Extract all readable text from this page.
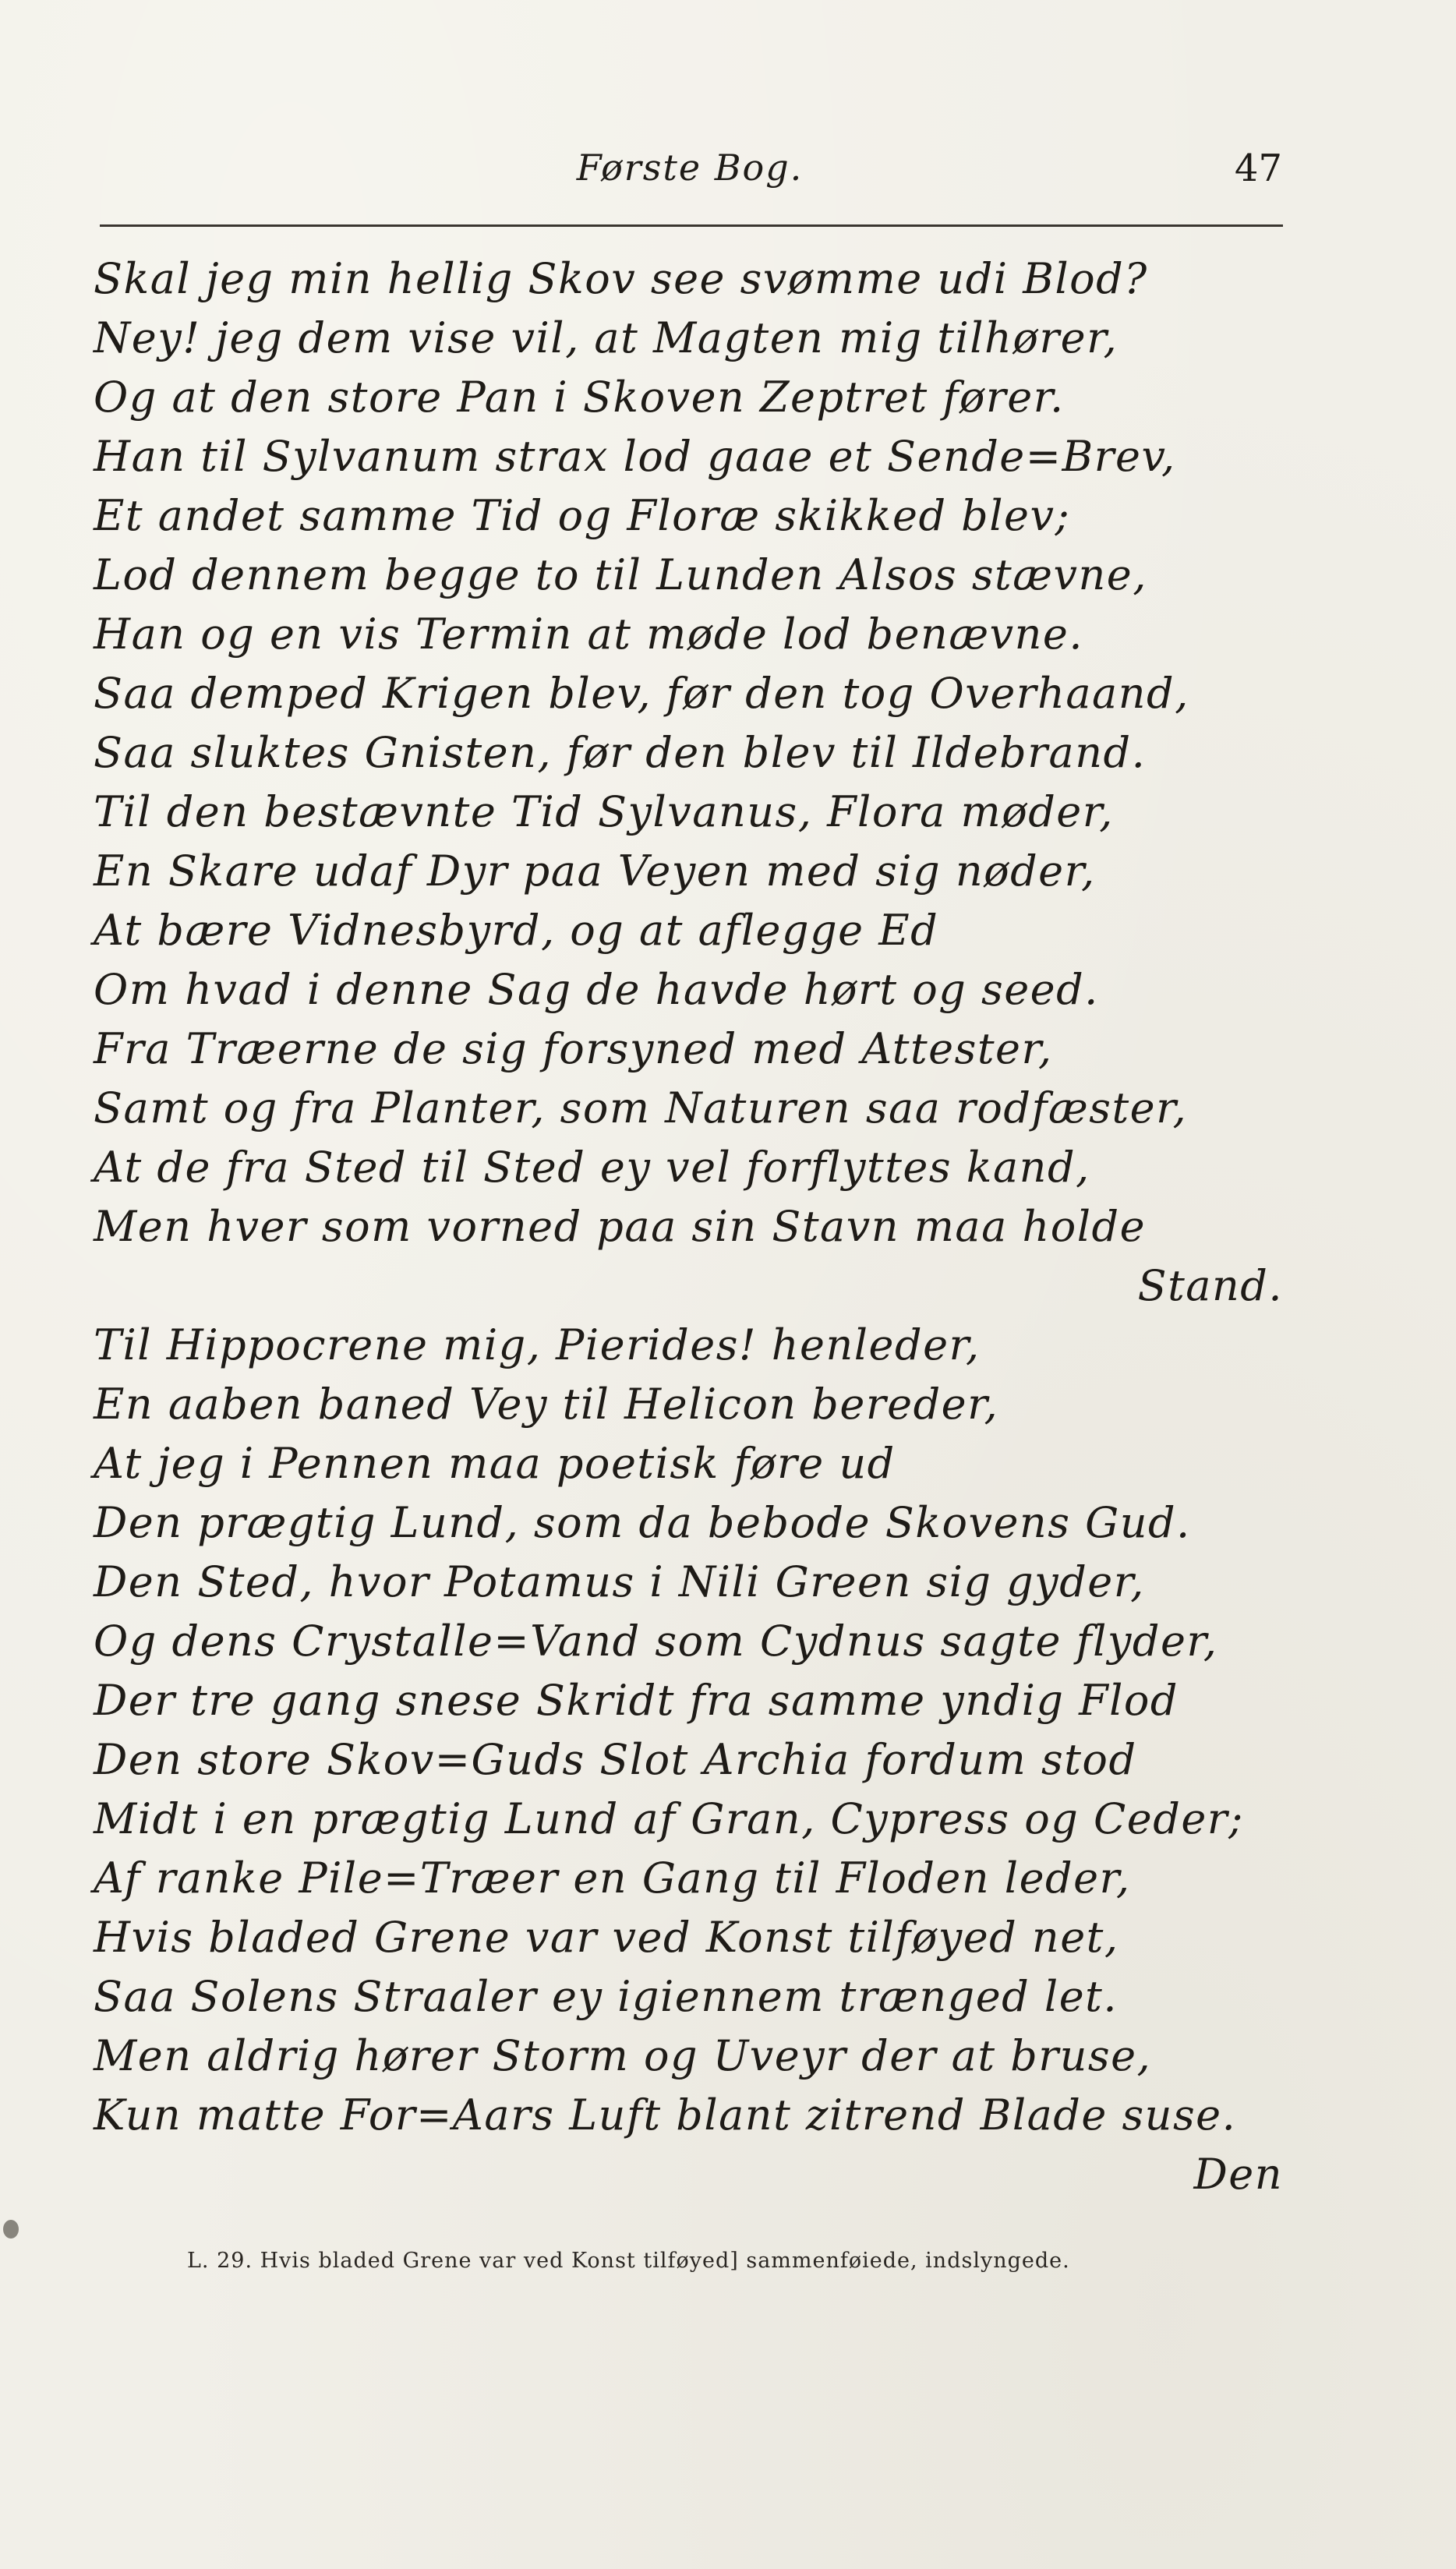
Første Bog.	47
Skal jeg min hellig Skov see svømme udi Blod?
Ney! jeg dem vise vil, at Magten mig tilhører,
Og at den store Pan i Skoven Zeptret fører.
Han til Sylvanum strax lod gaae et Sende=Brev,
Et andet samme Tid og Floræ skikked blev;
Lod dennem begge to til Lunden Alsos stævne,
Han og en vis Termin at møde lod benævne.
Saa demped Krigen blev, før den tog Overhaand,
Saa sluktes Gnisten, før den blev til Ildebrand.
Til den bestævnte Tid Sylvanus, Flora møder,
En Skare udaf Dyr paa Veyen med sig nøder,
At bære Vidnesbyrd, og at aflegge Ed
Om hvad i denne Sag de havde hørt og seed.
Fra Træerne de sig forsyned med Attester,
Samt og fra Planter, som Naturen saa rodfæster,
At de fra Sted til Sted ey vel forflyttes kand,
Men hver som vorned paa sin Stavn maa holde
Stand.
Til Hippocrene mig, Pierides! henleder,
En aaben baned Vey til Helicon bereder,
At jeg i Pennen maa poetisk føre ud
Den prægtig Lund, som da bebode Skovens Gud.
Den Sted, hvor Potamus i Nili Green sig gyder,
Og dens Crystalle=Vand som Cydnus sagte flyder,
Der tre gang snese Skridt fra samme yndig Flod
Den store Skov=Guds Slot Archia fordum stod
Midt i en prægtig Lund af Gran, Cypress og Ceder;
Af ranke Pile=Træer en Gang til Floden leder,
Hvis bladed Grene var ved Konst tilføyed net,
Saa Solens Straaler ey igiennem trænged let.
Men aldrig hører Storm og Uveyr der at bruse,
Kun matte For=Aars Luft blant zitrend Blade suse.
Den
L. 29. Hvis bladed Grene var ved Konst tilføyed] sammenføiede, indslyngede.
